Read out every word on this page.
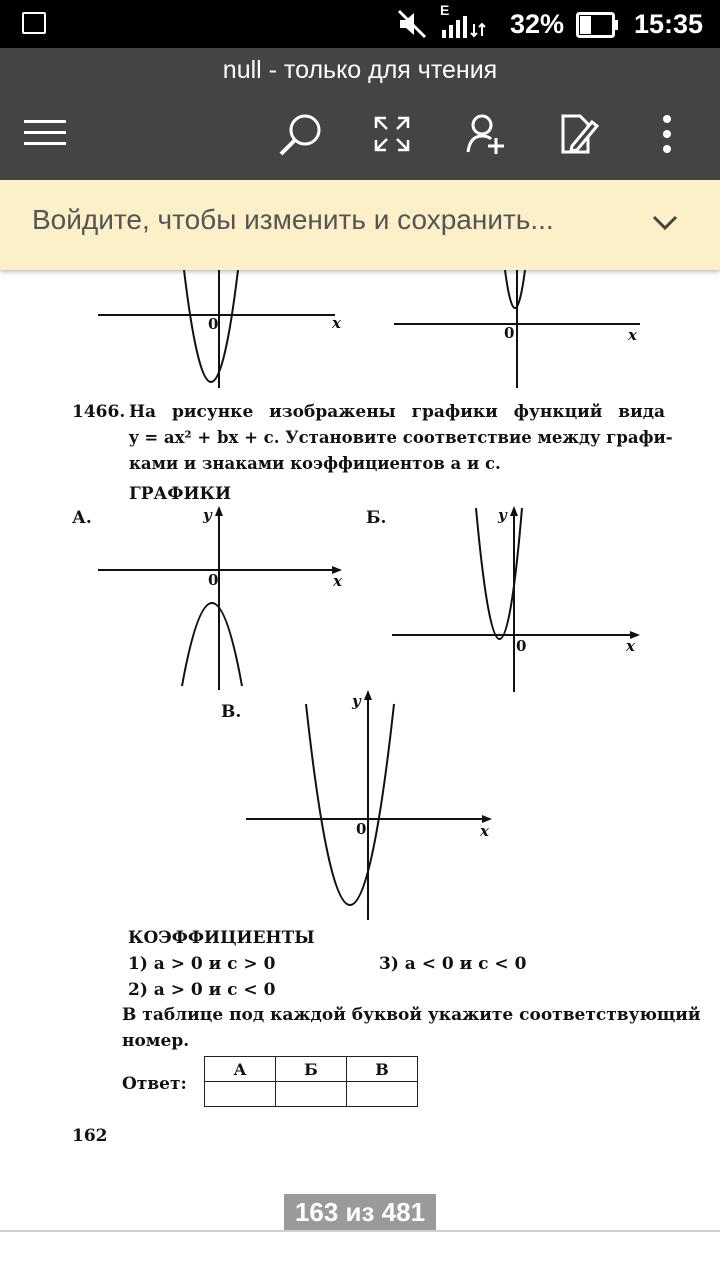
E 32%	15:35
null - только для чтения
Войдите, чтобы изменить и сохранить...
0	x
0	x
1466. На рисунке изображены графики функций вида
y = ax² + bx + c. Установите соответствие между графи-
ками и знаками коэффициентов a и c.
ГРАФИКИ
А.	y
x
0
Б.	y
x
0
В.
y
x
0
КОЭФФИЦИЕНТЫ
1) a > 0 и c > 0	3) a < 0 и c < 0
2) a > 0 и c < 0
В таблице под каждой буквой укажите соответствующий
номер.
Ответ:
А	Б	В

162
163 из 481
